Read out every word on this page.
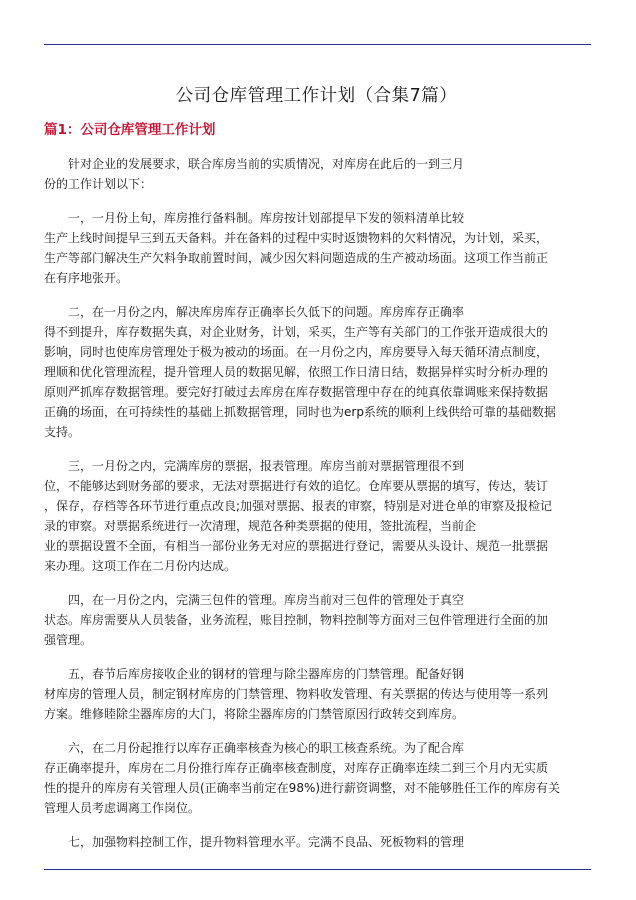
公司仓库管理工作计划（合集7篇）
篇1：公司仓库管理工作计划

针对企业的发展要求，联合库房当前的实质情况，对库房在此后的一到三月
份的工作计划以下：

一，一月份上旬，库房推行备料制。库房按计划部提早下发的领料清单比较
生产上线时间提早三到五天备料。并在备料的过程中实时返馈物料的欠料情况，为计划，采买，
生产等部门解决生产欠料争取前置时间，减少因欠料问题造成的生产被动场面。这项工作当前正
在有序地张开。

二，在一月份之内，解决库房库存正确率长久低下的问题。库房库存正确率
得不到提升，库存数据失真，对企业财务，计划，采买，生产等有关部门的工作张开造成很大的
影响，同时也使库房管理处于极为被动的场面。在一月份之内，库房要导入每天循环清点制度，
理顺和优化管理流程，提升管理人员的数据见解，依照工作日清日结，数据异样实时分析办理的
原则严抓库存数据管理。要完好打破过去库房在库存数据管理中存在的纯真依靠调账来保持数据
正确的场面，在可持续性的基础上抓数据管理，同时也为erp系统的顺利上线供给可靠的基础数据
支持。

三，一月份之内，完满库房的票据，报表管理。库房当前对票据管理很不到
位，不能够达到财务部的要求，无法对票据进行有效的追忆。仓库要从票据的填写，传达，装订
，保存，存档等各环节进行重点改良;加强对票据、报表的审察，特别是对进仓单的审察及报检记
录的审察。对票据系统进行一次清理，规范各种类票据的使用，签批流程，当前企
业的票据设置不全面，有相当一部份业务无对应的票据进行登记，需要从头设计、规范一批票据
来办理。这项工作在二月份内达成。

四，在一月份之内，完满三包件的管理。库房当前对三包件的管理处于真空
状态。库房需要从人员装备，业务流程，账目控制，物料控制等方面对三包件管理进行全面的加
强管理。

五，春节后库房接收企业的钢材的管理与除尘器库房的门禁管理。配备好钢
材库房的管理人员，制定钢材库房的门禁管理、物料收发管理、有关票据的传达与使用等一系列
方案。维修睦除尘器库房的大门，将除尘器库房的门禁管原因行政转交到库房。

六，在二月份起推行以库存正确率核查为核心的职工核查系统。为了配合库
存正确率提升，库房在二月份推行库存正确率核查制度，对库存正确率连续二到三个月内无实质
性的提升的库房有关管理人员(正确率当前定在98%)进行薪资调整，对不能够胜任工作的库房有关
管理人员考虑调离工作岗位。

七，加强物料控制工作，提升物料管理水平。完满不良品、死板物料的管理
